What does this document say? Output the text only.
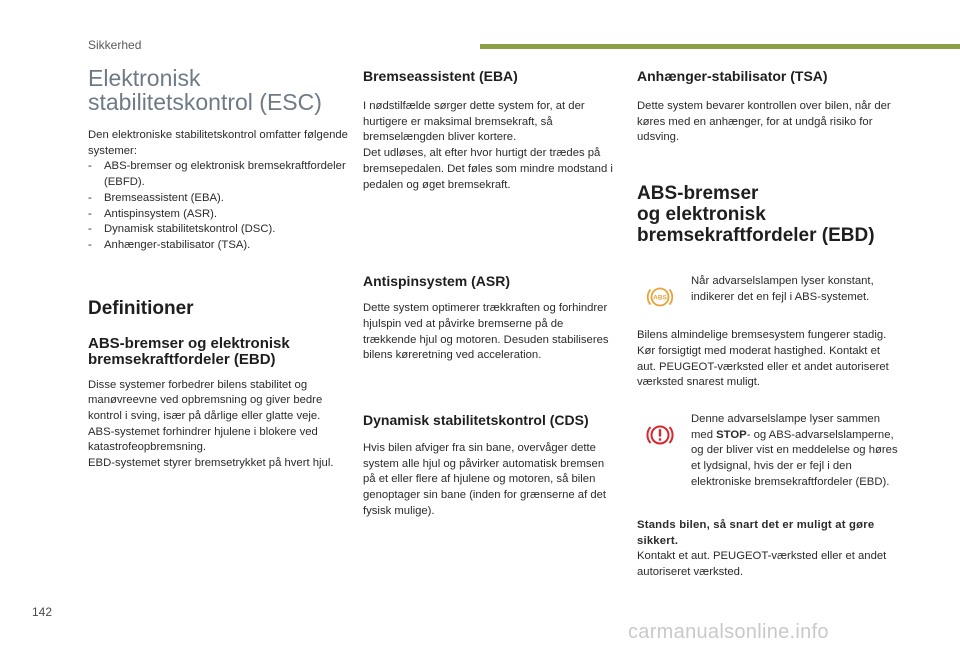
Sikkerhed
Elektronisk
stabilitetskontrol (ESC)

Den elektroniske stabilitetskontrol omfatter følgende systemer:

- ABS-bremser og elektronisk bremsekraftfordeler (EBFD).
- Bremseassistent (EBA).
- Antispinsystem (ASR).
- Dynamisk stabilitetskontrol (DSC).
- Anhænger-stabilisator (TSA).
Definitioner
ABS-bremser og elektronisk bremsekraftfordeler (EBD)

Disse systemer forbedrer bilens stabilitet og manøvreevne ved opbremsning og giver bedre kontrol i sving, især på dårlige eller glatte veje.

ABS-systemet forhindrer hjulene i blokere ved katastrofeopbremsning.

EBD-systemet styrer bremsetrykket på hvert hjul.

Bremseassistent (EBA)

I nødstilfælde sørger dette system for, at der hurtigere er maksimal bremsekraft, så bremselængden bliver kortere.

Det udløses, alt efter hvor hurtigt der trædes på bremsepedalen. Det føles som mindre modstand i pedalen og øget bremsekraft.

Antispinsystem (ASR)

Dette system optimerer trækkraften og forhindrer hjulspin ved at påvirke bremserne på de trækkende hjul og motoren. Desuden stabiliseres bilens køreretning ved acceleration.

Dynamisk stabilitetskontrol (CDS)

Hvis bilen afviger fra sin bane, overvåger dette system alle hjul og påvirker automatisk bremsen på et eller flere af hjulene og motoren, så bilen genoptager sin bane (inden for grænserne af det fysisk mulige).

Anhænger-stabilisator (TSA)

Dette system bevarer kontrollen over bilen, når der køres med en anhænger, for at undgå risiko for udsving.

ABS-bremser
og elektronisk
bremsekraftfordeler (EBD)
ABS

Når advarselslampen lyser konstant, indikerer det en fejl i ABS-systemet.

Bilens almindelige bremsesystem fungerer stadig. Kør forsigtigt med moderat hastighed. Kontakt et aut. PEUGEOT-værksted eller et andet autoriseret værksted snarest muligt.

Denne advarselslampe lyser sammen med STOP- og ABS-advarselslamperne, og der bliver vist en meddelelse og høres et lydsignal, hvis der er fejl i den elektroniske bremsekraftfordeler (EBD).

Stands bilen, så snart det er muligt at gøre sikkert.

Kontakt et aut. PEUGEOT-værksted eller et andet autoriseret værksted.

142
carmanualsonline.info
